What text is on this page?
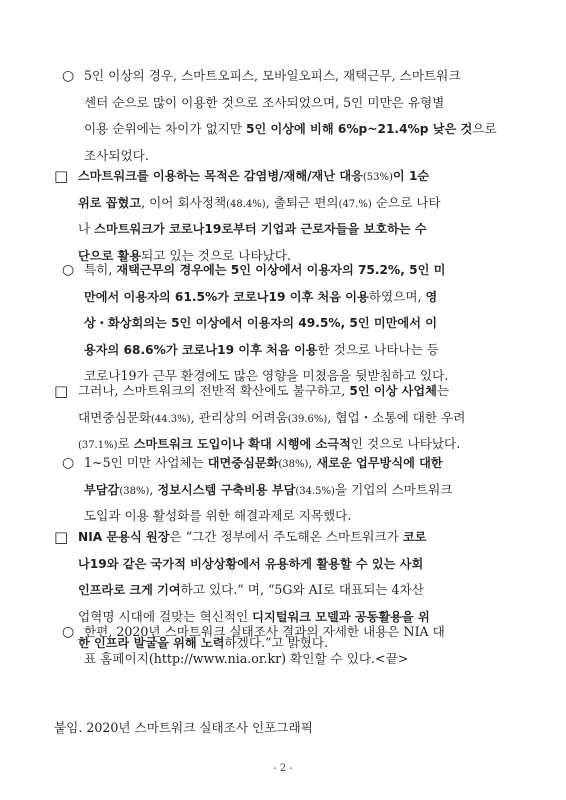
○ 5인 이상의 경우, 스마트오피스, 모바일오피스, 재택근무, 스마트워크
센터 순으로 많이 이용한 것으로 조사되었으며, 5인 미만은 유형별
이용 순위에는 차이가 없지만 5인 이상에 비해 6%p~21.4%p 낮은 것으로
조사되었다.
□ 스마트워크를 이용하는 목적은 감염병/재해/재난 대응(53%)이 1순
위로 꼽혔고, 이어 회사정책(48.4%), 출퇴근 편의(47.%) 순으로 나타
나 스마트워크가 코로나19로부터 기업과 근로자들을 보호하는 수
단으로 활용되고 있는 것으로 나타났다.
○ 특히, 재택근무의 경우에는 5인 이상에서 이용자의 75.2%, 5인 미
만에서 이용자의 61.5%가 코로나19 이후 처음 이용하였으며, 영
상・화상회의는 5인 이상에서 이용자의 49.5%, 5인 미만에서 이
용자의 68.6%가 코로나19 이후 처음 이용한 것으로 나타나는 등
코로나19가 근무 환경에도 많은 영향을 미쳤음을 뒷받침하고 있다.
□ 그러나, 스마트워크의 전반적 확산에도 불구하고, 5인 이상 사업체는
대면중심문화(44.3%), 관리상의 어려움(39.6%), 협업・소통에 대한 우려
(37.1%)로 스마트워크 도입이나 확대 시행에 소극적인 것으로 나타났다.
○ 1~5인 미만 사업체는 대면중심문화(38%), 새로운 업무방식에 대한
부담감(38%), 정보시스템 구축비용 부담(34.5%)을 기업의 스마트워크
도입과 이용 활성화를 위한 해결과제로 지목했다.
□ NIA 문용식 원장은 “그간 정부에서 주도해온 스마트워크가 코로
나19와 같은 국가적 비상상황에서 유용하게 활용할 수 있는 사회
인프라로 크게 기여하고 있다.” 며, “5G와 AI로 대표되는 4차산
업혁명 시대에 걸맞는 혁신적인 디지털워크 모델과 공동활용을 위
한 인프라 발굴을 위해 노력하겠다.”고 밝혔다.
○ 한편, 2020년 스마트워크 실태조사 결과의 자세한 내용은 NIA 대
표 홈페이지(http://www.nia.or.kr) 확인할 수 있다.<끝>
붙임. 2020년 스마트워크 실태조사 인포그래픽
- 2 -
